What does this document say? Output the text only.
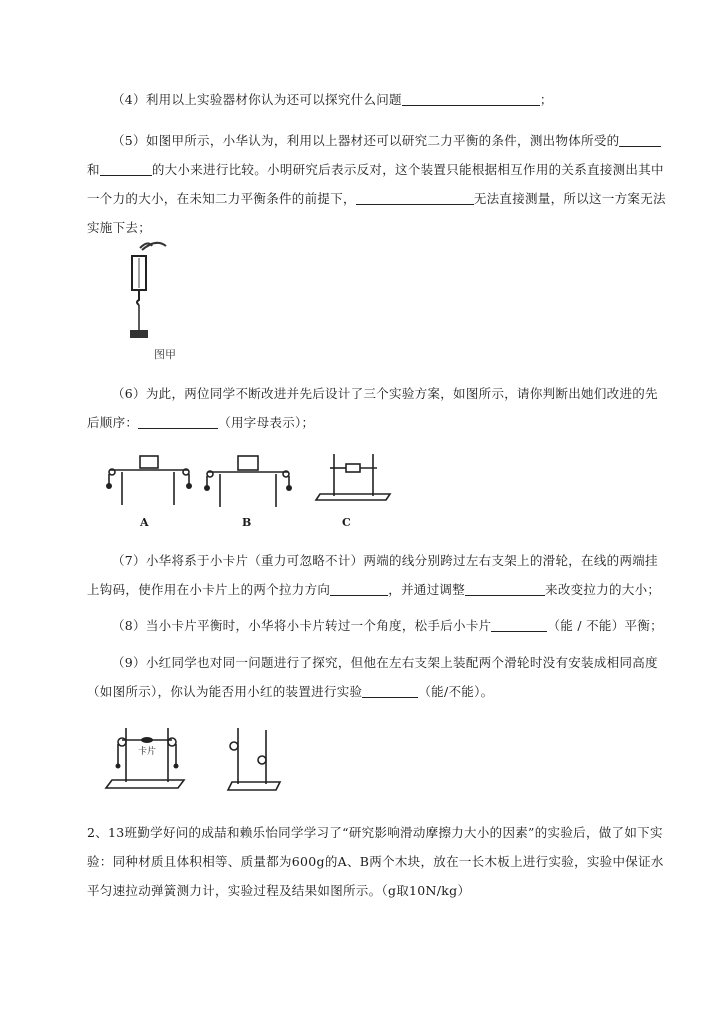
（4）利用以上实验器材你认为还可以探究什么问题	；
（5）如图甲所示，小华认为，利用以上器材还可以研究二力平衡的条件，测出物体所受的和	的大小来进行比较。小明研究后表示反对，这个装置只能根据相互作用的关系直接测出其中一个力的大小，在未知二力平衡条件的前提下，	无法直接测量，所以这一方案无法实施下去；
图甲
（6）为此，两位同学不断改进并先后设计了三个实验方案，如图所示，请你判断出她们改进的先后顺序：	（用字母表示）；
A	B	C
（7）小华将系于小卡片（重力可忽略不计）两端的线分别跨过左右支架上的滑轮，在线的两端挂上钩码，使作用在小卡片上的两个拉力方向	，并通过调整	来改变拉力的大小；
（8）当小卡片平衡时，小华将小卡片转过一个角度，松手后小卡片	（能 / 不能）平衡；
（9）小红同学也对同一问题进行了探究，但他在左右支架上装配两个滑轮时没有安装成相同高度（如图所示），你认为能否用小红的装置进行实验	（能/不能）。
卡片
2、13班勤学好问的成喆和赖乐怡同学学习了“研究影响滑动摩擦力大小的因素”的实验后，做了如下实验：同种材质且体积相等、质量都为600g的A、B两个木块，放在一长木板上进行实验，实验中保证水平匀速拉动弹簧测力计，实验过程及结果如图所示。（g取10N/kg）
